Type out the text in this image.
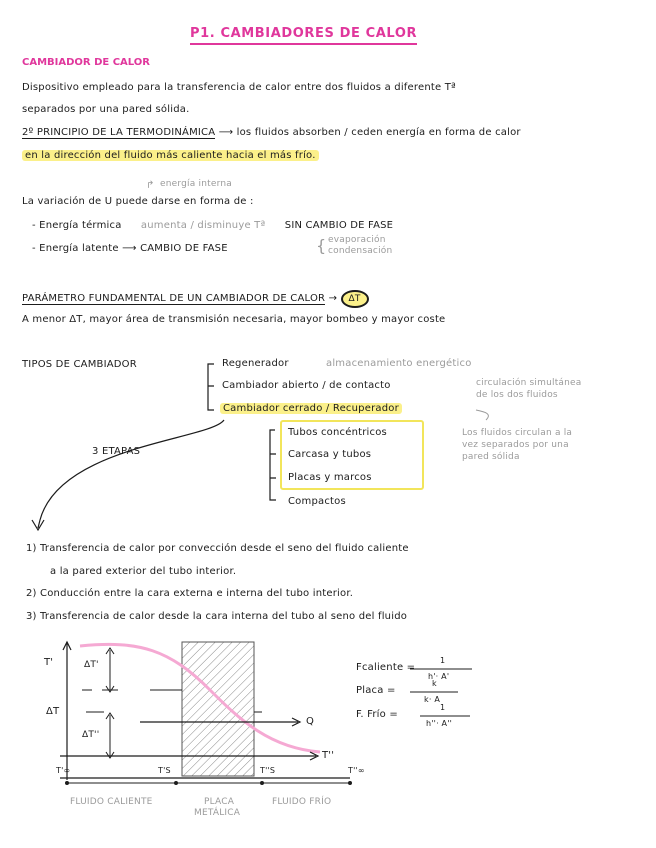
P1. CAMBIADORES DE CALOR
CAMBIADOR DE CALOR
Dispositivo empleado para la transferencia de calor entre dos fluidos a diferente Tª
separados por una pared sólida.
2º PRINCIPIO DE LA TERMODINÁMICA ⟶ los fluidos absorben / ceden energía en forma de calor
en la dirección del fluido más caliente hacia el más frío.
energía interna
↱
La variación de U puede darse en forma de :
- Energía térmica aumenta / disminuye Tª SIN CAMBIO DE FASE
- Energía latente ⟶ CAMBIO DE FASE	{ evaporación
condensación
PARÁMETRO FUNDAMENTAL DE UN CAMBIADOR DE CALOR → ΔT
A menor ΔT, mayor área de transmisión necesaria, mayor bombeo y mayor coste
TIPOS DE CAMBIADOR	Regenerador	almacenamiento energético
Cambiador abierto / de contacto	circulación simultánea
de los dos fluidos
Cambiador cerrado / Recuperador
Los fluidos circulan a la
vez separados por una
pared sólida
Tubos concéntricos
Carcasa y tubos
Placas y marcos
Compactos
3 ETAPAS
1) Transferencia de calor por convección desde el seno del fluido caliente
a la pared exterior del tubo interior.
2) Conducción entre la cara externa e interna del tubo interior.
3) Transferencia de calor desde la cara interna del tubo al seno del fluido
T'
ΔT
ΔT'
ΔT''
Q
T''
T'∞	T'S	T''S	T''∞
FLUIDO CALIENTE	PLACA
METÁLICA
FLUIDO FRÍO
Fcaliente =
1
h'· A'
Placa =
k
k· A
F. Frío =
1
h''· A''
